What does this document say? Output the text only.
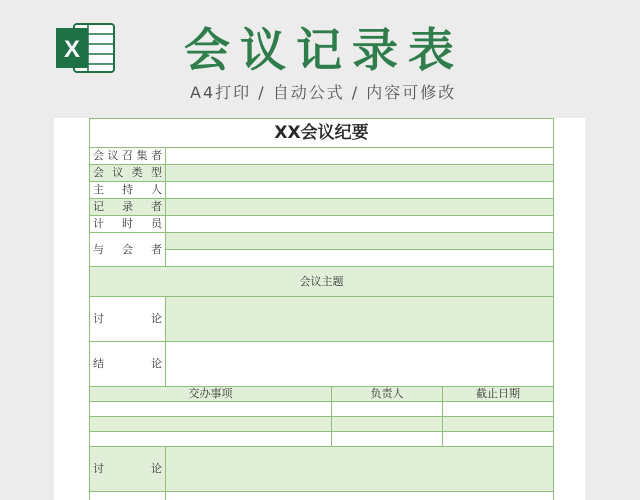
X 会议记录表
A4打印 / 自动公式 / 内容可修改
XX会议纪要			
会议召集者			
会 议 类 型			
主 持 人			
记 录 者			
计 时 员			
与 会 者			

会议主题			
讨论			
结论			
交办事项		负责人	截止日期

讨论			
